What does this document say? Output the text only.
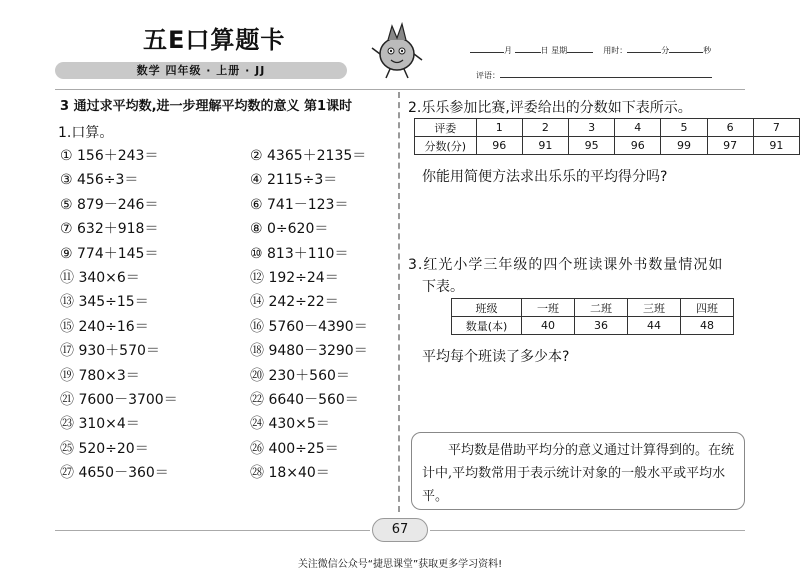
五E口算题卡
数学 四年级 · 上册 · JJ
月	日 星期	用时：	分	秒
评语：
3 通过求平均数,进一步理解平均数的意义 第1课时
1.口算。
① 156＋243＝	② 4365＋2135＝
③ 456÷3＝	④ 2115÷3＝
⑤ 879－246＝	⑥ 741－123＝
⑦ 632＋918＝	⑧ 0÷620＝
⑨ 774＋145＝	⑩ 813＋110＝
⑪ 340×6＝	⑫ 192÷24＝
⑬ 345÷15＝	⑭ 242÷22＝
⑮ 240÷16＝	⑯ 5760－4390＝
⑰ 930＋570＝	⑱ 9480－3290＝
⑲ 780×3＝	⑳ 230＋560＝
㉑ 7600－3700＝	㉒ 6640－560＝
㉓ 310×4＝	㉔ 430×5＝
㉕ 520÷20＝	㉖ 400÷25＝
㉗ 4650－360＝	㉘ 18×40＝
2.乐乐参加比赛,评委给出的分数如下表所示。
评委	1	2	3	4	5	6	7
分数(分)	96	91	95	96	99	97	91
你能用简便方法求出乐乐的平均得分吗?
3.红光小学三年级的四个班读课外书数量情况如
下表。
班级	一班	二班	三班	四班
数量(本)	40	36	44	48
平均每个班读了多少本?
平均数是借助平均分的意义通过计算得到的。在统计中,平均数常用于表示统计对象的一般水平或平均水平。
67
关注微信公众号“捷思课堂”获取更多学习资料!
